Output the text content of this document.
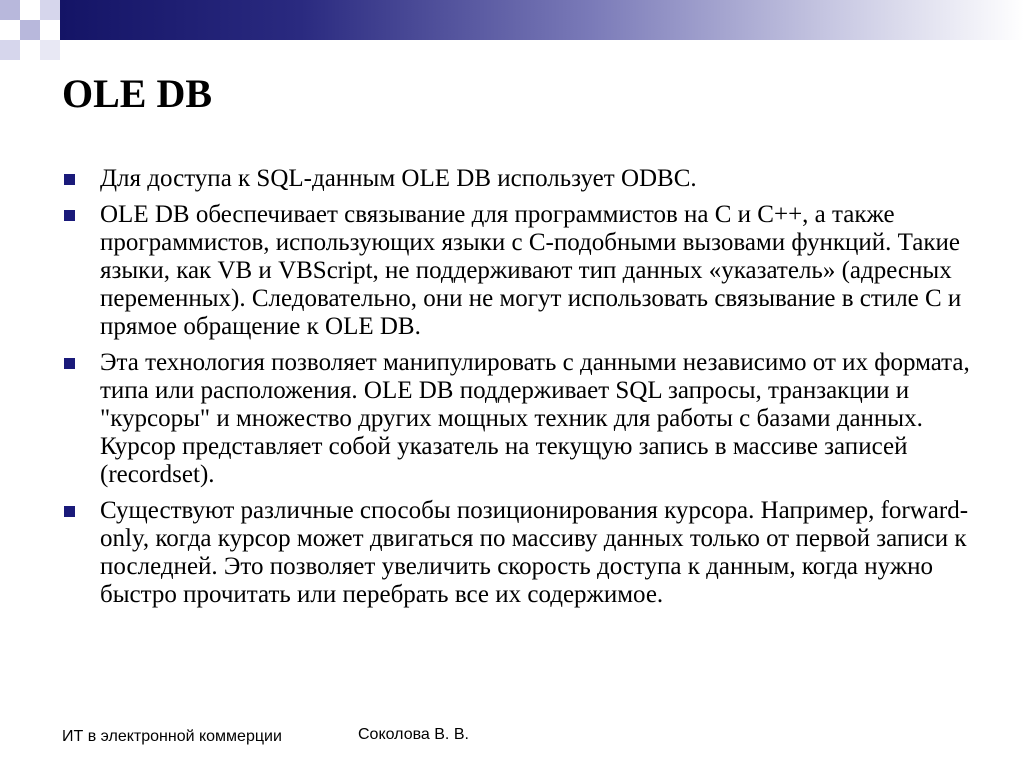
OLE DB
Для доступа к SQL-данным OLE DB использует ODBC.
OLE DB обеспечивает связывание для программистов на C и C++, а также программистов, использующих языки с C-подобными вызовами функций. Такие языки, как VB и VBScript, не поддерживают тип данных «указатель» (адресных переменных). Следовательно, они не могут использовать связывание в стиле C и прямое обращение к OLE DB.
Эта технология позволяет манипулировать с данными независимо от их формата, типа или расположения. OLE DB поддерживает SQL запросы, транзакции и "курсоры" и множество других мощных техник для работы с базами данных. Курсор представляет собой указатель на текущую запись в массиве записей (recordset).
Существуют различные способы позиционирования курсора. Например, forward-only, когда курсор может двигаться по массиву данных только от первой записи к последней. Это позволяет увеличить скорость доступа к данным, когда нужно быстро прочитать или перебрать все их содержимое.
ИТ в электронной коммерции	Соколова В. В.
